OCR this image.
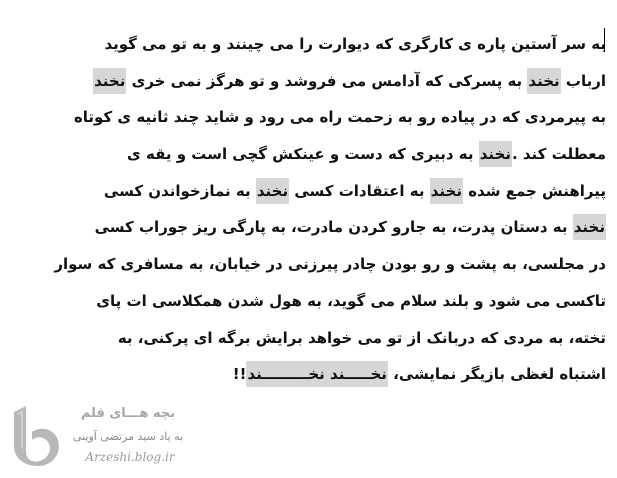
به سر آستین پاره ی کارگری که دیوارت را می چینند و به تو می گوید
ارباب نخند به پسرکی که آدامس می فروشد و تو هرگز نمی خری نخند
به پیرمردی که در پیاده رو به زحمت راه می رود و شاید چند ثانیه ی کوتاه
معطلت کند .نخند به دبیری که دست و عینکش گچی است و یقه ی
پیراهنش جمع شده نخند به اعتقادات کسی نخند به نمازخواندن کسی
نخند به دستان پدرت، به جارو کردن مادرت، به پارگی ریز جوراب کسی
در مجلسی، به پشت و رو بودن چادر پیرزنی در خیابان، به مسافری که سوار
تاکسی می شود و بلند سلام می گوید، به هول شدن همکلاسی ات پای
تخته، به مردی که دربانک از تو می خواهد برایش برگه ای پرکنی، به
اشتباه لغظی بازیگر نمایشی، نخـــــند نخـــــــــند!!
بچه هـــای قلم
به یاد سید مرتضی آوینی
Arzeshi.blog.ir
